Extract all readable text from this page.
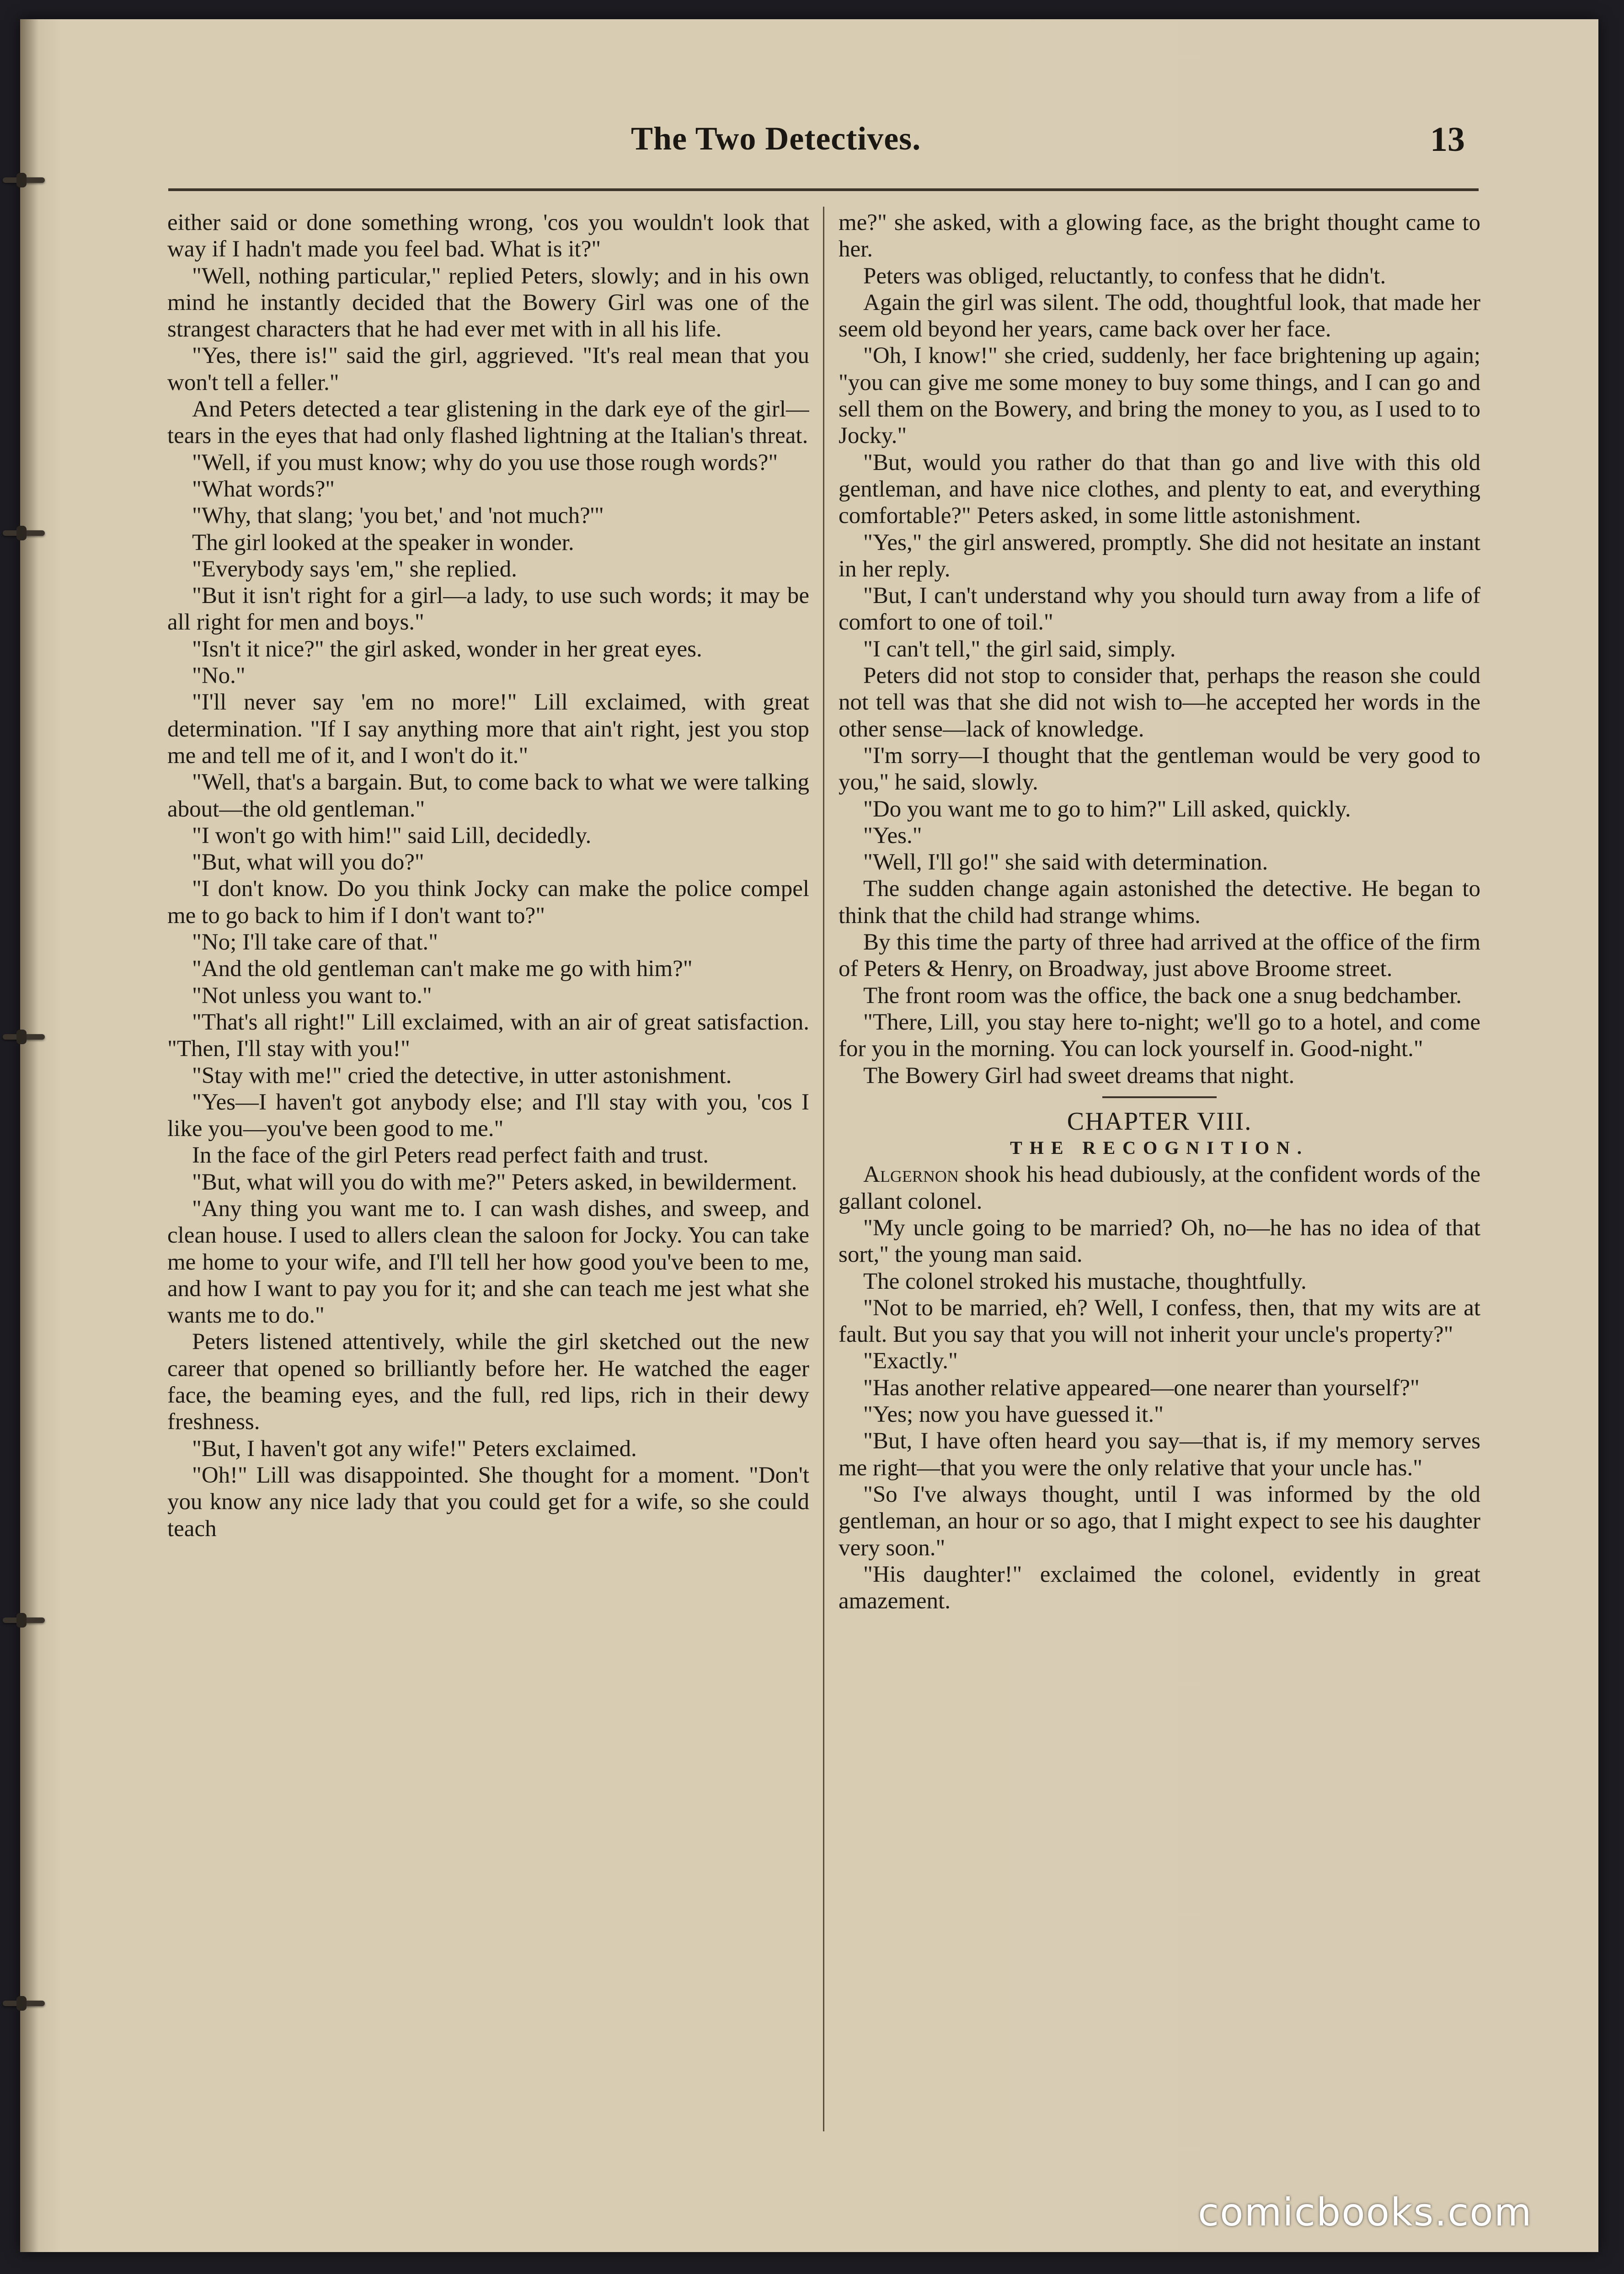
The Two Detectives.	13

either said or done something wrong, 'cos you wouldn't look that way if I hadn't made you feel bad. What is it?"

"Well, nothing particular," replied Peters, slowly; and in his own mind he instantly decided that the Bowery Girl was one of the strangest characters that he had ever met with in all his life.

"Yes, there is!" said the girl, aggrieved. "It's real mean that you won't tell a feller."

And Peters detected a tear glistening in the dark eye of the girl—tears in the eyes that had only flashed lightning at the Italian's threat.

"Well, if you must know; why do you use those rough words?"

"What words?"

"Why, that slang; 'you bet,' and 'not much?'"

The girl looked at the speaker in wonder.

"Everybody says 'em," she replied.

"But it isn't right for a girl—a lady, to use such words; it may be all right for men and boys."

"Isn't it nice?" the girl asked, wonder in her great eyes.

"No."

"I'll never say 'em no more!" Lill exclaimed, with great determination. "If I say anything more that ain't right, jest you stop me and tell me of it, and I won't do it."

"Well, that's a bargain. But, to come back to what we were talking about—the old gentleman."

"I won't go with him!" said Lill, decidedly.

"But, what will you do?"

"I don't know. Do you think Jocky can make the police compel me to go back to him if I don't want to?"

"No; I'll take care of that."

"And the old gentleman can't make me go with him?"

"Not unless you want to."

"That's all right!" Lill exclaimed, with an air of great satisfaction. "Then, I'll stay with you!"

"Stay with me!" cried the detective, in utter astonishment.

"Yes—I haven't got anybody else; and I'll stay with you, 'cos I like you—you've been good to me."

In the face of the girl Peters read perfect faith and trust.

"But, what will you do with me?" Peters asked, in bewilderment.

"Any thing you want me to. I can wash dishes, and sweep, and clean house. I used to allers clean the saloon for Jocky. You can take me home to your wife, and I'll tell her how good you've been to me, and how I want to pay you for it; and she can teach me jest what she wants me to do."

Peters listened attentively, while the girl sketched out the new career that opened so brilliantly before her. He watched the eager face, the beaming eyes, and the full, red lips, rich in their dewy freshness.

"But, I haven't got any wife!" Peters exclaimed.

"Oh!" Lill was disappointed. She thought for a moment. "Don't you know any nice lady that you could get for a wife, so she could teach

me?" she asked, with a glowing face, as the bright thought came to her.

Peters was obliged, reluctantly, to confess that he didn't.

Again the girl was silent. The odd, thoughtful look, that made her seem old beyond her years, came back over her face.

"Oh, I know!" she cried, suddenly, her face brightening up again; "you can give me some money to buy some things, and I can go and sell them on the Bowery, and bring the money to you, as I used to to Jocky."

"But, would you rather do that than go and live with this old gentleman, and have nice clothes, and plenty to eat, and everything comfortable?" Peters asked, in some little astonishment.

"Yes," the girl answered, promptly. She did not hesitate an instant in her reply.

"But, I can't understand why you should turn away from a life of comfort to one of toil."

"I can't tell," the girl said, simply.

Peters did not stop to consider that, perhaps the reason she could not tell was that she did not wish to—he accepted her words in the other sense—lack of knowledge.

"I'm sorry—I thought that the gentleman would be very good to you," he said, slowly.

"Do you want me to go to him?" Lill asked, quickly.

"Yes."

"Well, I'll go!" she said with determination.

The sudden change again astonished the detective. He began to think that the child had strange whims.

By this time the party of three had arrived at the office of the firm of Peters & Henry, on Broadway, just above Broome street.

The front room was the office, the back one a snug bedchamber.

"There, Lill, you stay here to-night; we'll go to a hotel, and come for you in the morning. You can lock yourself in. Good-night."

The Bowery Girl had sweet dreams that night.

CHAPTER VIII.

THE RECOGNITION.

Algernon shook his head dubiously, at the confident words of the gallant colonel.

"My uncle going to be married? Oh, no—he has no idea of that sort," the young man said.

The colonel stroked his mustache, thoughtfully.

"Not to be married, eh? Well, I confess, then, that my wits are at fault. But you say that you will not inherit your uncle's property?"

"Exactly."

"Has another relative appeared—one nearer than yourself?"

"Yes; now you have guessed it."

"But, I have often heard you say—that is, if my memory serves me right—that you were the only relative that your uncle has."

"So I've always thought, until I was informed by the old gentleman, an hour or so ago, that I might expect to see his daughter very soon."

"His daughter!" exclaimed the colonel, evidently in great amazement.

comicbooks.com
